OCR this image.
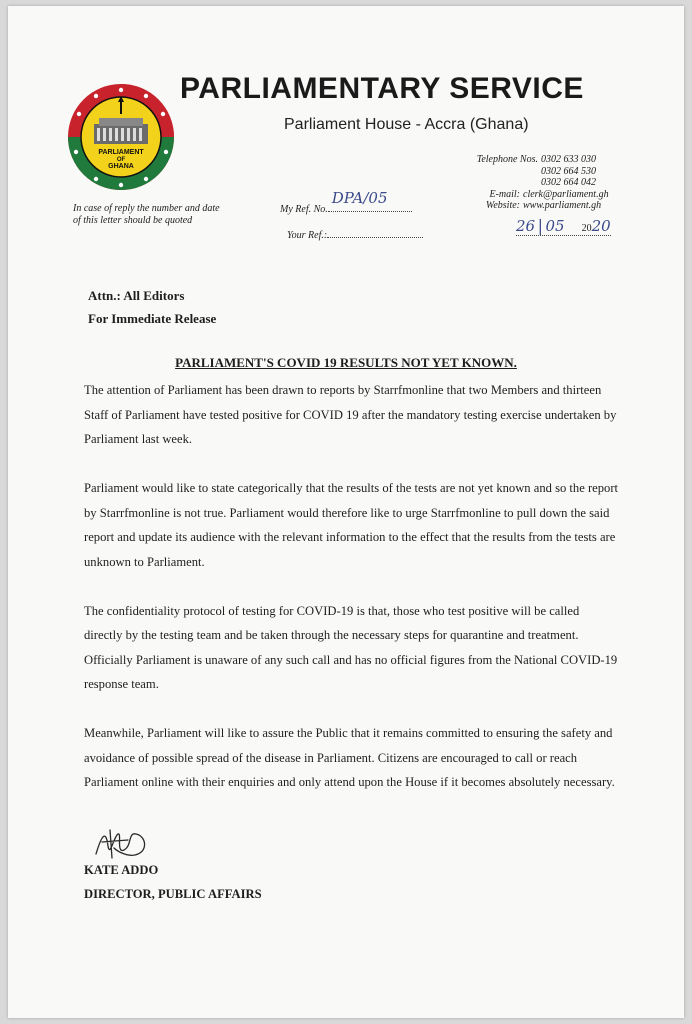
PARLIAMENT
OF
GHANA
PARLIAMENTARY SERVICE
Parliament House - Accra (Ghana)
Telephone Nos. 0302 633 030
0302 664 530
0302 664 042
E-mail: clerk@parliament.gh
Website: www.parliament.gh
In case of reply the number and date of this letter should be quoted
My Ref. No.
DPA/05
Your Ref.:
26 | 05 2020
Attn.: All Editors
For Immediate Release
PARLIAMENT'S COVID 19 RESULTS NOT YET KNOWN.

The attention of Parliament has been drawn to reports by Starrfmonline that two Members and thirteen Staff of Parliament have tested positive for COVID 19 after the mandatory testing exercise undertaken by Parliament last week.

Parliament would like to state categorically that the results of the tests are not yet known and so the report by Starrfmonline is not true. Parliament would therefore like to urge Starrfmonline to pull down the said report and update its audience with the relevant information to the effect that the results from the tests are unknown to Parliament.

The confidentiality protocol of testing for COVID-19 is that, those who test positive will be called directly by the testing team and be taken through the necessary steps for quarantine and treatment. Officially Parliament is unaware of any such call and has no official figures from the National COVID-19 response team.

Meanwhile, Parliament will like to assure the Public that it remains committed to ensuring the safety and avoidance of possible spread of the disease in Parliament. Citizens are encouraged to call or reach Parliament online with their enquiries and only attend upon the House if it becomes absolutely necessary.

KATE ADDO
DIRECTOR, PUBLIC AFFAIRS
